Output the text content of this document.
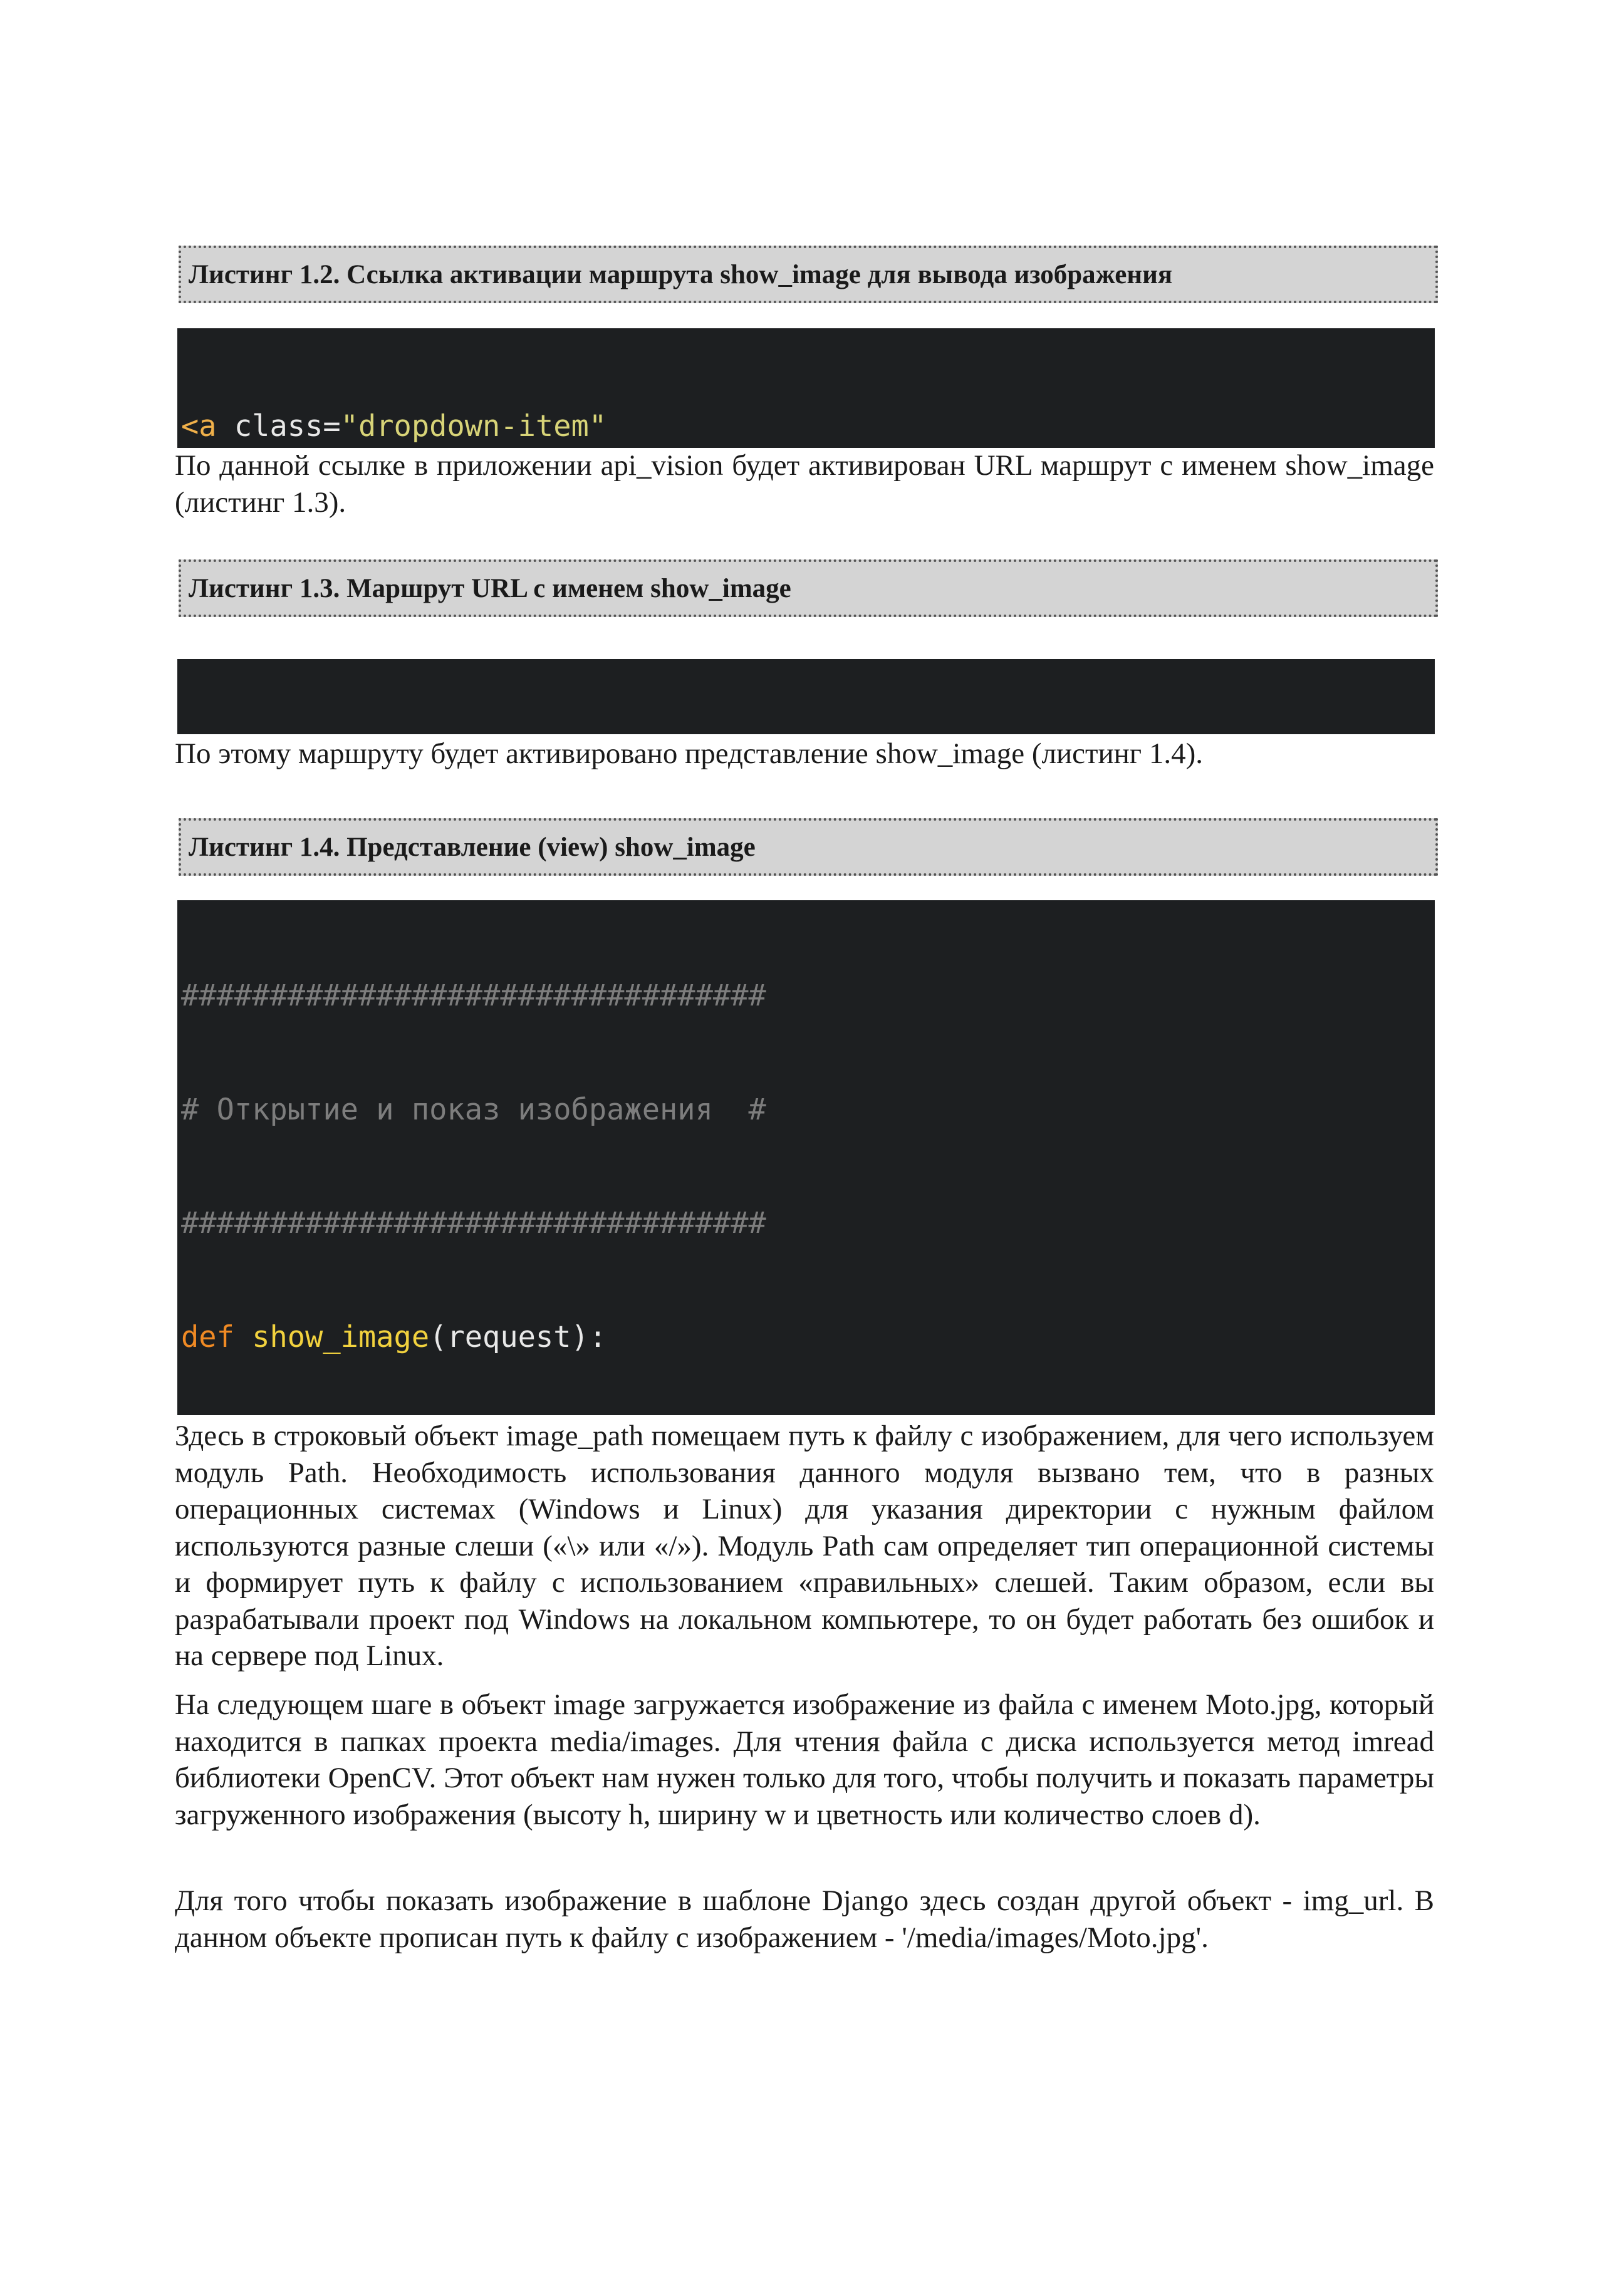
Листинг 1.2. Ссылка активации маршрута show_image для вывода изображения

<a class="dropdown-item"

По данной ссылке в приложении api_vision будет активирован URL маршрут с именем show_image (листинг 1.3).

Листинг 1.3. Маршрут URL с именем show_image

По этому маршруту будет активировано представление show_image (листинг 1.4).

Листинг 1.4. Представление (view) show_image

#################################

# Открытие и показ изображения  #

#################################

def show_image(request):

Здесь в строковый объект image_path помещаем путь к файлу с изображением, для чего используем модуль Path. Необходимость использования данного модуля вызвано тем, что в разных операционных системах (Windows и Linux) для указания директории с нужным файлом используются разные слеши («\» или «/»). Модуль Path сам определяет тип операционной системы и формирует путь к файлу с использованием «правильных» слешей. Таким образом, если вы разрабатывали проект под Windows на локальном компьютере, то он будет работать без ошибок и на сервере под Linux.

На следующем шаге в объект image загружается изображение из файла с именем Moto.jpg, который находится в папках проекта media/images. Для чтения файла с диска используется метод imread библиотеки OpenCV. Этот объект нам нужен только для того, чтобы получить и показать параметры загруженного изображения (высоту h, ширину w и цветность или количество слоев d).

Для того чтобы показать изображение в шаблоне Django здесь создан другой объект - img_url. В данном объекте прописан путь к файлу с изображением - '/media/images/Moto.jpg'.
